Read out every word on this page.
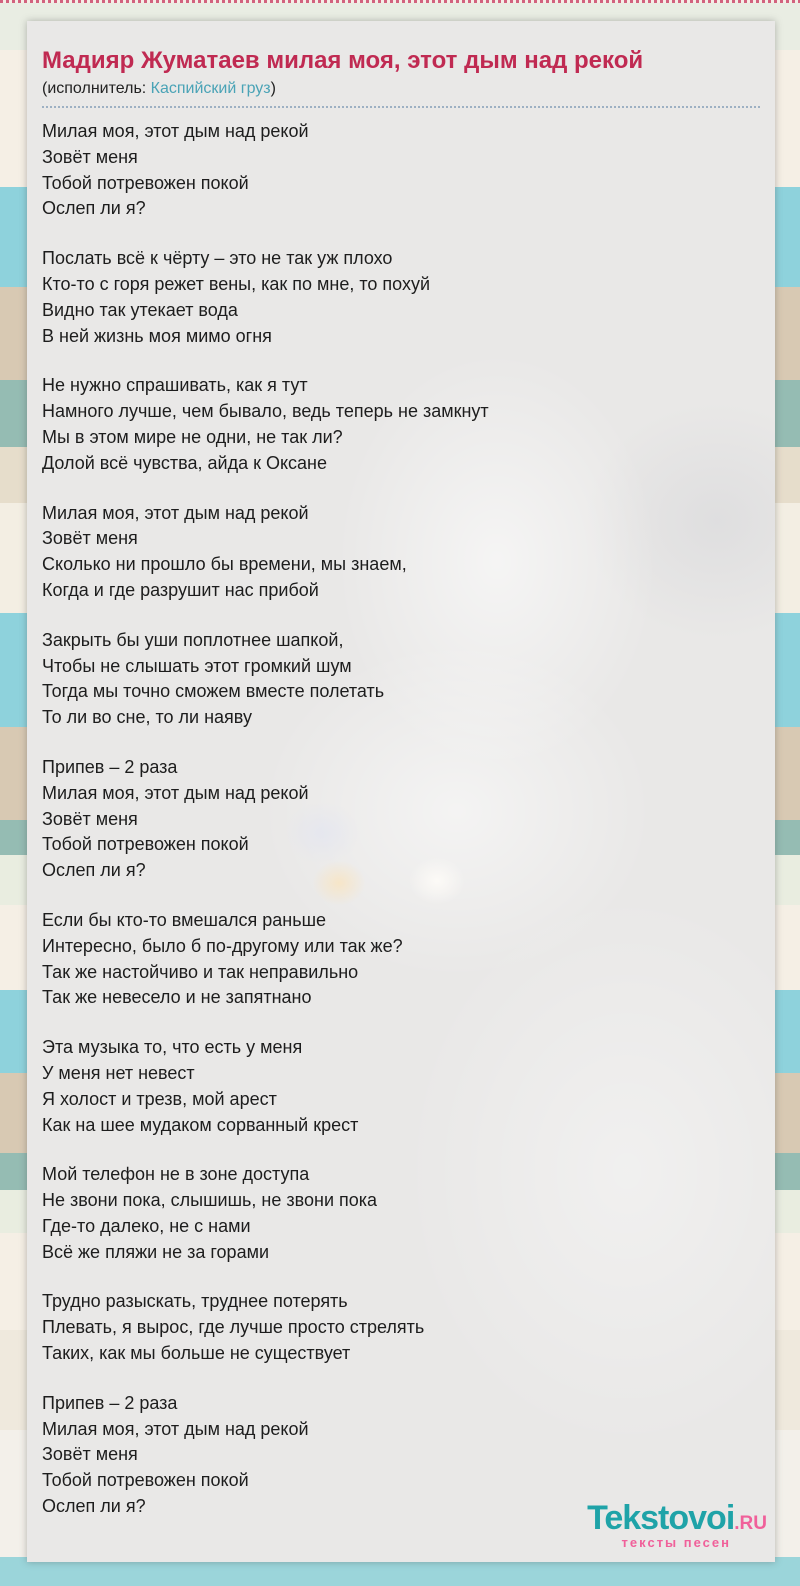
Мадияр Жуматаев милая моя, этот дым над рекой
(исполнитель: Каспийский груз)

Милая моя, этот дым над рекой
Зовёт меня
Тобой потревожен покой
Ослеп ли я?

Послать всё к чёрту – это не так уж плохо
Кто-то с горя режет вены, как по мне, то похуй
Видно так утекает вода
В ней жизнь моя мимо огня

Не нужно спрашивать, как я тут
Намного лучше, чем бывало, ведь теперь не замкнут
Мы в этом мире не одни, не так ли?
Долой всё чувства, айда к Оксане

Милая моя, этот дым над рекой
Зовёт меня
Сколько ни прошло бы времени, мы знаем,
Когда и где разрушит нас прибой

Закрыть бы уши поплотнее шапкой,
Чтобы не слышать этот громкий шум
Тогда мы точно сможем вместе полетать
То ли во сне, то ли наяву

Припев – 2 раза
Милая моя, этот дым над рекой
Зовёт меня
Тобой потревожен покой
Ослеп ли я?

Если бы кто-то вмешался раньше
Интересно, было б по-другому или так же?
Так же настойчиво и так неправильно
Так же невесело и не запятнано

Эта музыка то, что есть у меня
У меня нет невест
Я холост и трезв, мой арест
Как на шее мудаком сорванный крест

Мой телефон не в зоне доступа
Не звони пока, слышишь, не звони пока
Где-то далеко, не с нами
Всё же пляжи не за горами

Трудно разыскать, труднее потерять
Плевать, я вырос, где лучше просто стрелять
Таких, как мы больше не существует

Припев – 2 раза
Милая моя, этот дым над рекой
Зовёт меня
Тобой потревожен покой
Ослеп ли я?	Tekstovoi.RU
тексты песен
